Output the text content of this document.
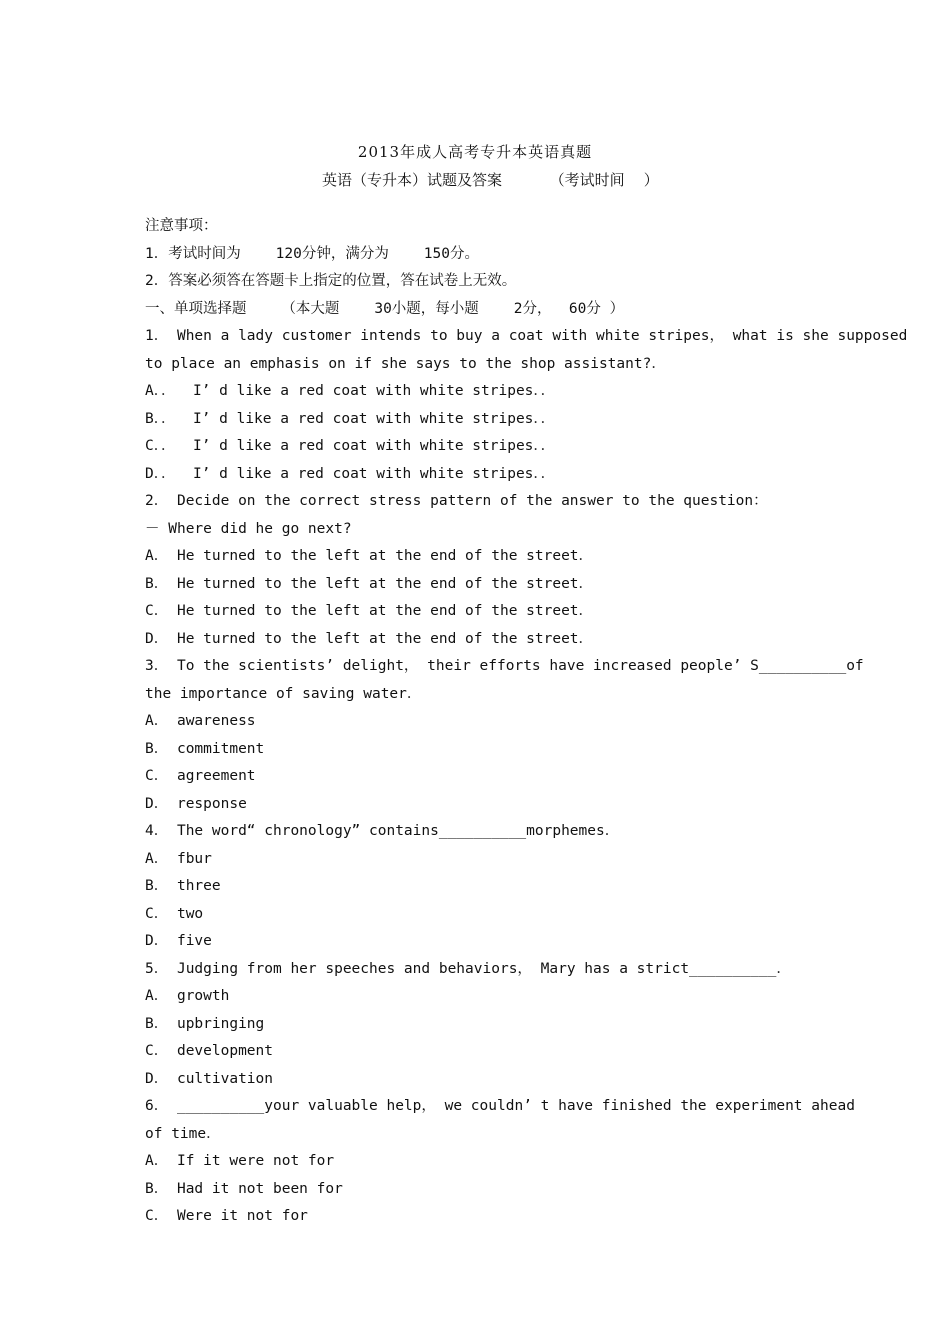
2013年成人高考专升本英语真题
英语（专升本）试题及答案          （考试时间    ）
注意事项：
1．考试时间为    120分钟，满分为    150分。
2．答案必须答在答题卡上指定的位置，答在试卷上无效。
一、单项选择题    （本大题    30小题，每小题    2分，  60分 ）
1． When a lady customer intends to buy a coat with white stripes， what is she supposed
to place an emphasis on if she says to the shop assistant?．
A．．  I’ d like a red coat with white stripes．．
B．．  I’ d like a red coat with white stripes．．
C．．  I’ d like a red coat with white stripes．．
D．．  I’ d like a red coat with white stripes．．
2． Decide on the correct stress pattern of the answer to the question：
－ Where did he go next?
A． He turned to the left at the end of the street．
B． He turned to the left at the end of the street．
C． He turned to the left at the end of the street．
D． He turned to the left at the end of the street．
3． To the scientists’ delight， their efforts have increased people’ S__________of
the importance of saving water．
A． awareness
B． commitment
C． agreement
D． response
4． The word“ chronology” contains__________morphemes．
A． fbur
B． three
C． two
D． five
5． Judging from her speeches and behaviors， Mary has a strict__________．
A． growth
B． upbringing
C． development
D． cultivation
6． __________your valuable help， we couldn’ t have finished the experiment ahead
of time．
A． If it were not for
B． Had it not been for
C． Were it not for
